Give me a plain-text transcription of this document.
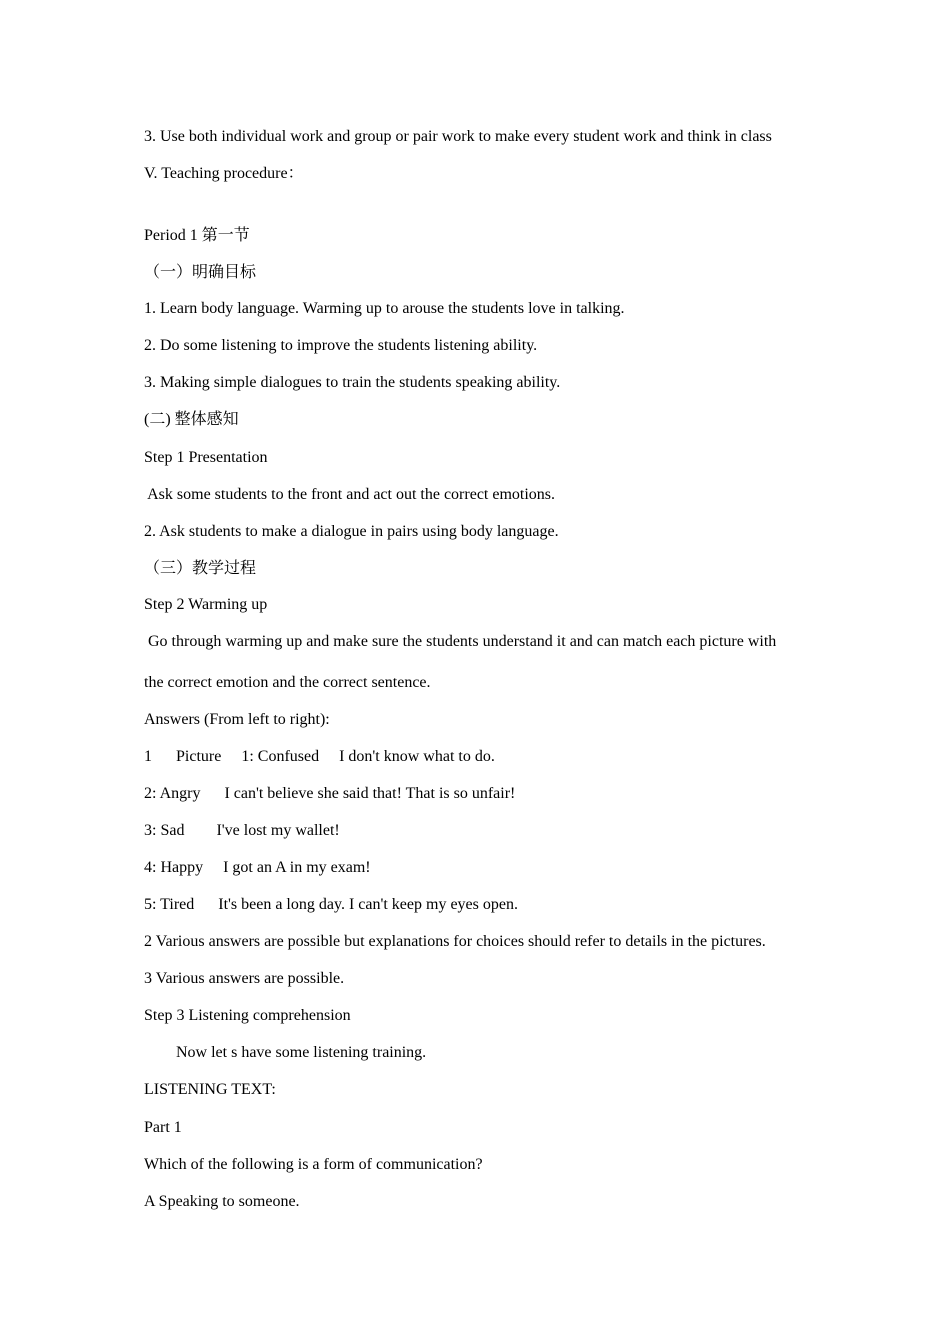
3. Use both individual work and group or pair work to make every student work and think in class
V. Teaching procedure：
Period 1 第一节
（一）明确目标
1. Learn body language. Warming up to arouse the students love in talking.
2. Do some listening to improve the students listening ability.
3. Making simple dialogues to train the students speaking ability.
(二) 整体感知
Step 1 Presentation
Ask some students to the front and act out the correct emotions.
2. Ask students to make a dialogue in pairs using body language.
（三）教学过程
Step 2 Warming up
Go through warming up and make sure the students understand it and can match each picture with
the correct emotion and the correct sentence.
Answers (From left to right):
1      Picture     1: Confused     I don't know what to do.
2: Angry      I can't believe she said that! That is so unfair!
3: Sad        I've lost my wallet!
4: Happy     I got an A in my exam!
5: Tired      It's been a long day. I can't keep my eyes open.
2 Various answers are possible but explanations for choices should refer to details in the pictures.
3 Various answers are possible.
Step 3 Listening comprehension
Now let s have some listening training.
LISTENING TEXT:
Part 1
Which of the following is a form of communication?
A Speaking to someone.
